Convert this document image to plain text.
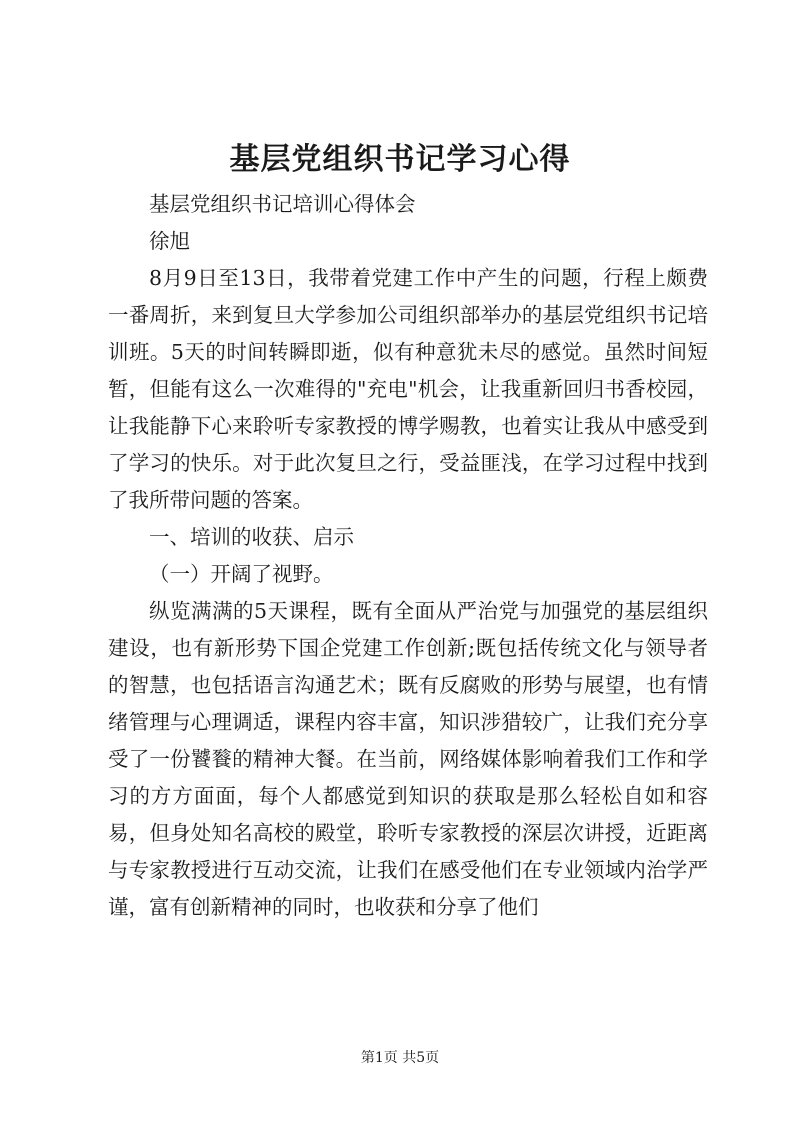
基层党组织书记学习心得

基层党组织书记培训心得体会

徐旭

8月9日至13日，我带着党建工作中产生的问题，行程上颇费一番周折，来到复旦大学参加公司组织部举办的基层党组织书记培训班。5天的时间转瞬即逝，似有种意犹未尽的感觉。虽然时间短暂，但能有这么一次难得的"充电"机会，让我重新回归书香校园，让我能静下心来聆听专家教授的博学赐教，也着实让我从中感受到了学习的快乐。对于此次复旦之行，受益匪浅，在学习过程中找到了我所带问题的答案。

一、培训的收获、启示

（一）开阔了视野。

纵览满满的5天课程，既有全面从严治党与加强党的基层组织建设，也有新形势下国企党建工作创新;既包括传统文化与领导者的智慧，也包括语言沟通艺术；既有反腐败的形势与展望，也有情绪管理与心理调适，课程内容丰富，知识涉猎较广，让我们充分享受了一份饕餮的精神大餐。在当前，网络媒体影响着我们工作和学习的方方面面，每个人都感觉到知识的获取是那么轻松自如和容易，但身处知名高校的殿堂，聆听专家教授的深层次讲授，近距离与专家教授进行互动交流，让我们在感受他们在专业领域内治学严谨，富有创新精神的同时，也收获和分享了他们

第1页 共5页
